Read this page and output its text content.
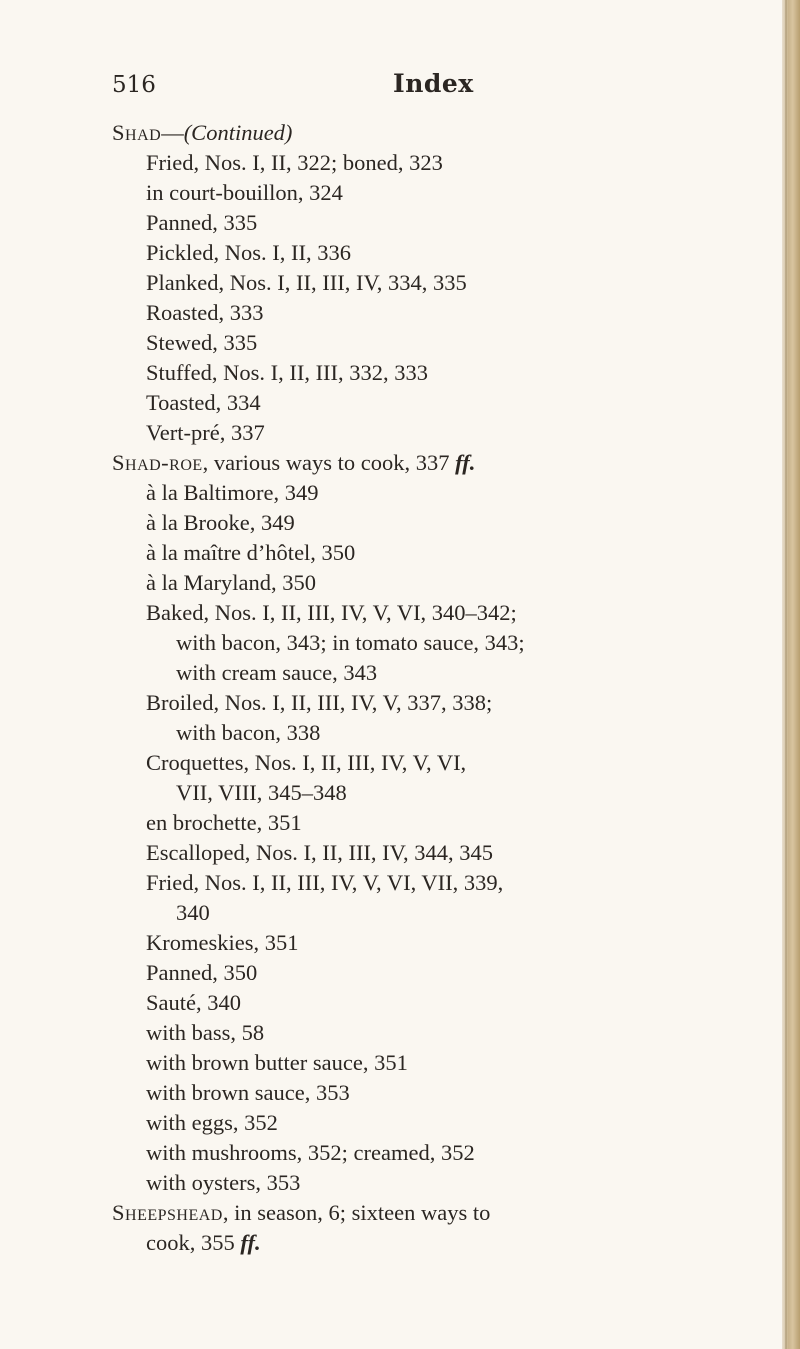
516	Index
Shad—(Continued)
Fried, Nos. I, II, 322; boned, 323
in court-bouillon, 324
Panned, 335
Pickled, Nos. I, II, 336
Planked, Nos. I, II, III, IV, 334, 335
Roasted, 333
Stewed, 335
Stuffed, Nos. I, II, III, 332, 333
Toasted, 334
Vert-pré, 337
Shad-roe, various ways to cook, 337 ff.
à la Baltimore, 349
à la Brooke, 349
à la maître d’hôtel, 350
à la Maryland, 350
Baked, Nos. I, II, III, IV, V, VI, 340–342;
with bacon, 343; in tomato sauce, 343;
with cream sauce, 343
Broiled, Nos. I, II, III, IV, V, 337, 338;
with bacon, 338
Croquettes, Nos. I, II, III, IV, V, VI,
VII, VIII, 345–348
en brochette, 351
Escalloped, Nos. I, II, III, IV, 344, 345
Fried, Nos. I, II, III, IV, V, VI, VII, 339,
340
Kromeskies, 351
Panned, 350
Sauté, 340
with bass, 58
with brown butter sauce, 351
with brown sauce, 353
with eggs, 352
with mushrooms, 352; creamed, 352
with oysters, 353
Sheepshead, in season, 6; sixteen ways to
cook, 355 ff.
